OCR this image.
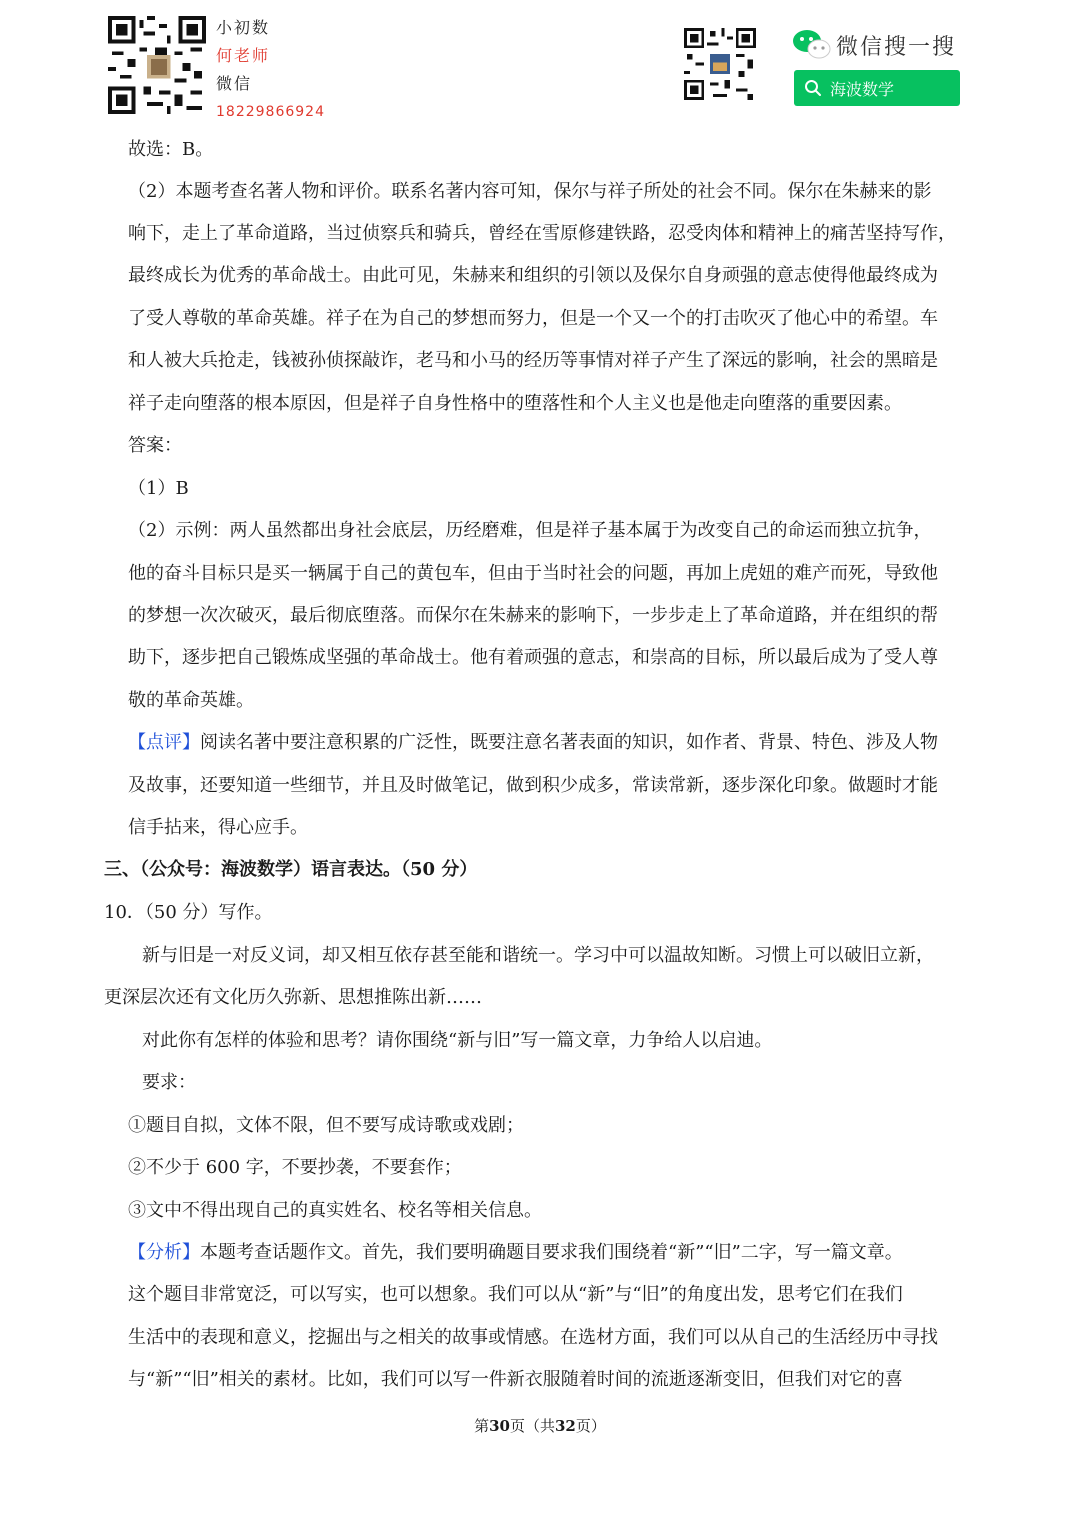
小初数
何老师
微信
18229866924
微信搜一搜
海波数学
故选：B。
（2）本题考查名著人物和评价。联系名著内容可知，保尔与祥子所处的社会不同。保尔在朱赫来的影
响下，走上了革命道路，当过侦察兵和骑兵，曾经在雪原修建铁路，忍受肉体和精神上的痛苦坚持写作，
最终成长为优秀的革命战士。由此可见，朱赫来和组织的引领以及保尔自身顽强的意志使得他最终成为
了受人尊敬的革命英雄。祥子在为自己的梦想而努力，但是一个又一个的打击吹灭了他心中的希望。车
和人被大兵抢走，钱被孙侦探敲诈，老马和小马的经历等事情对祥子产生了深远的影响，社会的黑暗是
祥子走向堕落的根本原因，但是祥子自身性格中的堕落性和个人主义也是他走向堕落的重要因素。
答案：
（1）B
（2）示例：两人虽然都出身社会底层，历经磨难，但是祥子基本属于为改变自己的命运而独立抗争，
他的奋斗目标只是买一辆属于自己的黄包车，但由于当时社会的问题，再加上虎妞的难产而死，导致他
的梦想一次次破灭，最后彻底堕落。而保尔在朱赫来的影响下，一步步走上了革命道路，并在组织的帮
助下，逐步把自己锻炼成坚强的革命战士。他有着顽强的意志，和崇高的目标，所以最后成为了受人尊
敬的革命英雄。
【点评】阅读名著中要注意积累的广泛性，既要注意名著表面的知识，如作者、背景、特色、涉及人物
及故事，还要知道一些细节，并且及时做笔记，做到积少成多，常读常新，逐步深化印象。做题时才能
信手拈来，得心应手。
三、（公众号：海波数学）语言表达。（50 分）
10．（50 分）写作。
新与旧是一对反义词，却又相互依存甚至能和谐统一。学习中可以温故知断。习惯上可以破旧立新，
更深层次还有文化历久弥新、思想推陈出新……
对此你有怎样的体验和思考？请你围绕“新与旧”写一篇文章，力争给人以启迪。
要求：
①题目自拟，文体不限，但不要写成诗歌或戏剧；
②不少于 600 字，不要抄袭，不要套作；
③文中不得出现自己的真实姓名、校名等相关信息。
【分析】本题考查话题作文。首先，我们要明确题目要求我们围绕着“新”“旧”二字，写一篇文章。
这个题目非常宽泛，可以写实，也可以想象。我们可以从“新”与“旧”的角度出发，思考它们在我们
生活中的表现和意义，挖掘出与之相关的故事或情感。在选材方面，我们可以从自己的生活经历中寻找
与“新”“旧”相关的素材。比如，我们可以写一件新衣服随着时间的流逝逐渐变旧，但我们对它的喜
第30页（共32页）
